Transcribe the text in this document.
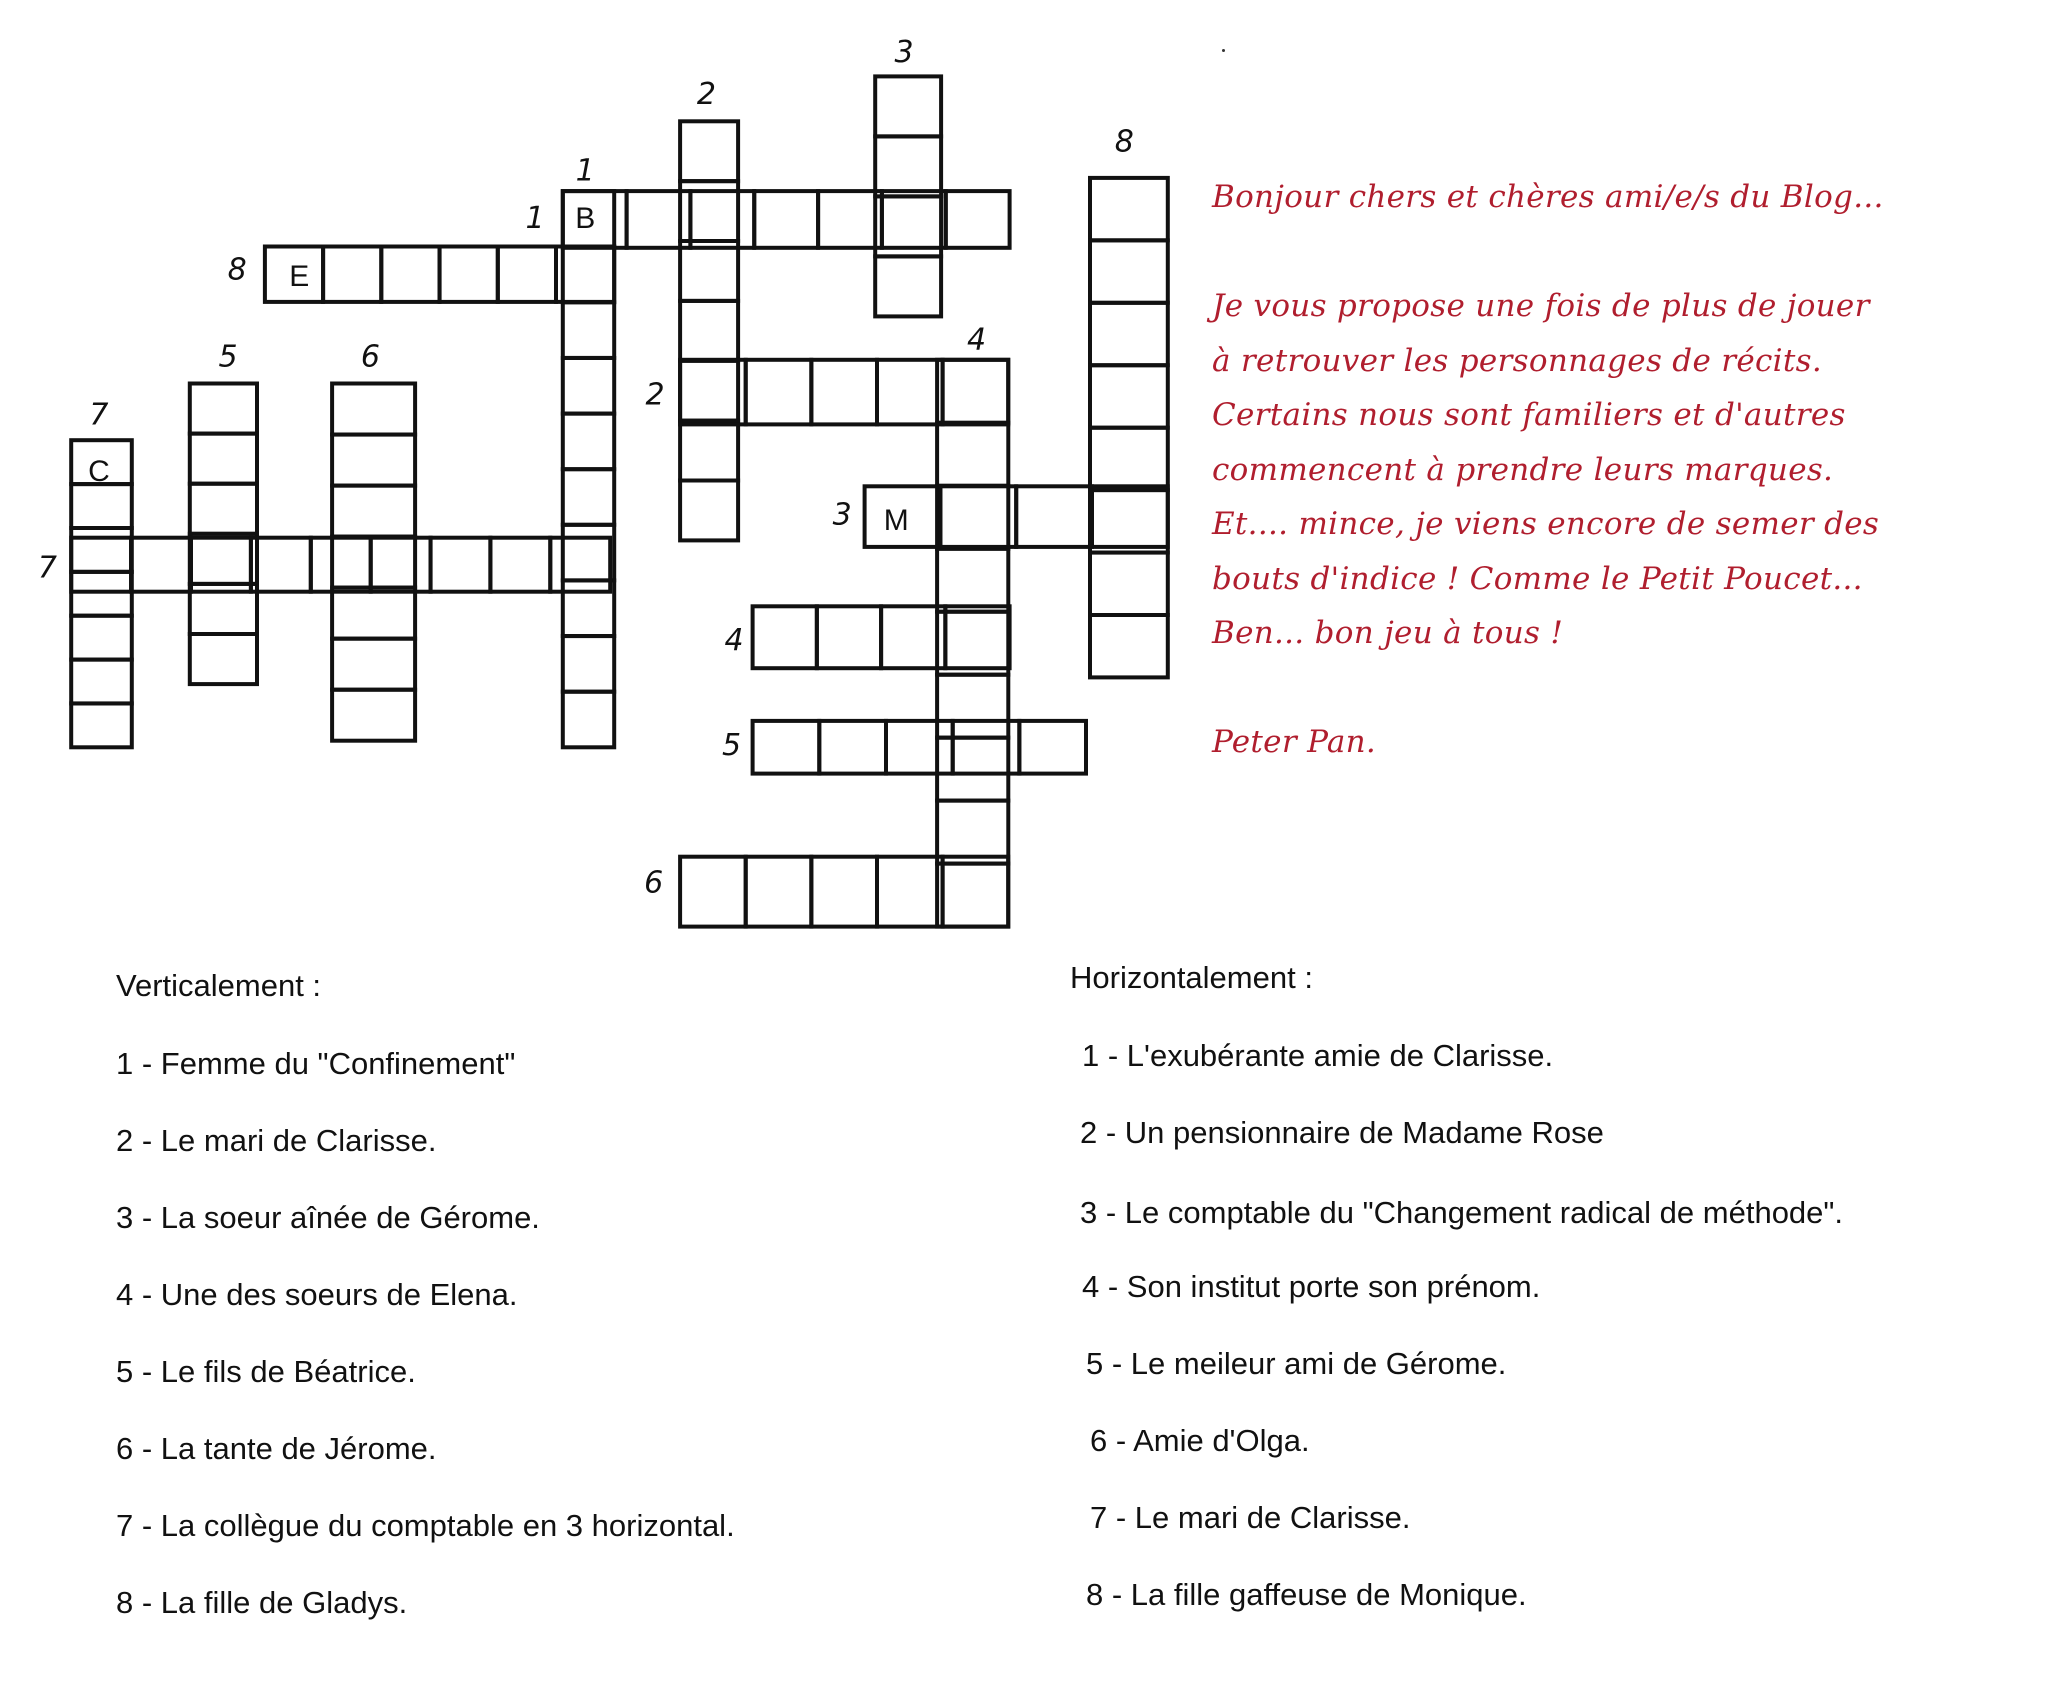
1
2
3
8
1
8
5	6	4
2
7
3
7
4
5
6
B
E
C
M

Bonjour chers et chères ami/e/s du Blog...

Je vous propose une fois de plus de jouer

à retrouver les personnages de récits.

Certains nous sont familiers et d'autres

commencent à prendre leurs marques.

Et.... mince, je viens encore de semer des

bouts d'indice ! Comme le Petit Poucet...

Ben... bon jeu à tous !

Peter Pan.

Verticalement :

1 - Femme du "Confinement"
2 - Le mari de Clarisse.
3 - La soeur aînée de Gérome.
4 - Une des soeurs de Elena.
5 - Le fils de Béatrice.
6 - La tante de Jérome.
7 - La collègue du comptable en 3 horizontal.
8 - La fille de Gladys.

Horizontalement :

1 - L'exubérante amie de Clarisse.
2 - Un pensionnaire de Madame Rose
3 - Le comptable du "Changement radical de méthode".
4 - Son institut porte son prénom.
5 - Le meileur ami de Gérome.
6 - Amie d'Olga.
7 - Le mari de Clarisse.
8 - La fille gaffeuse de Monique.
